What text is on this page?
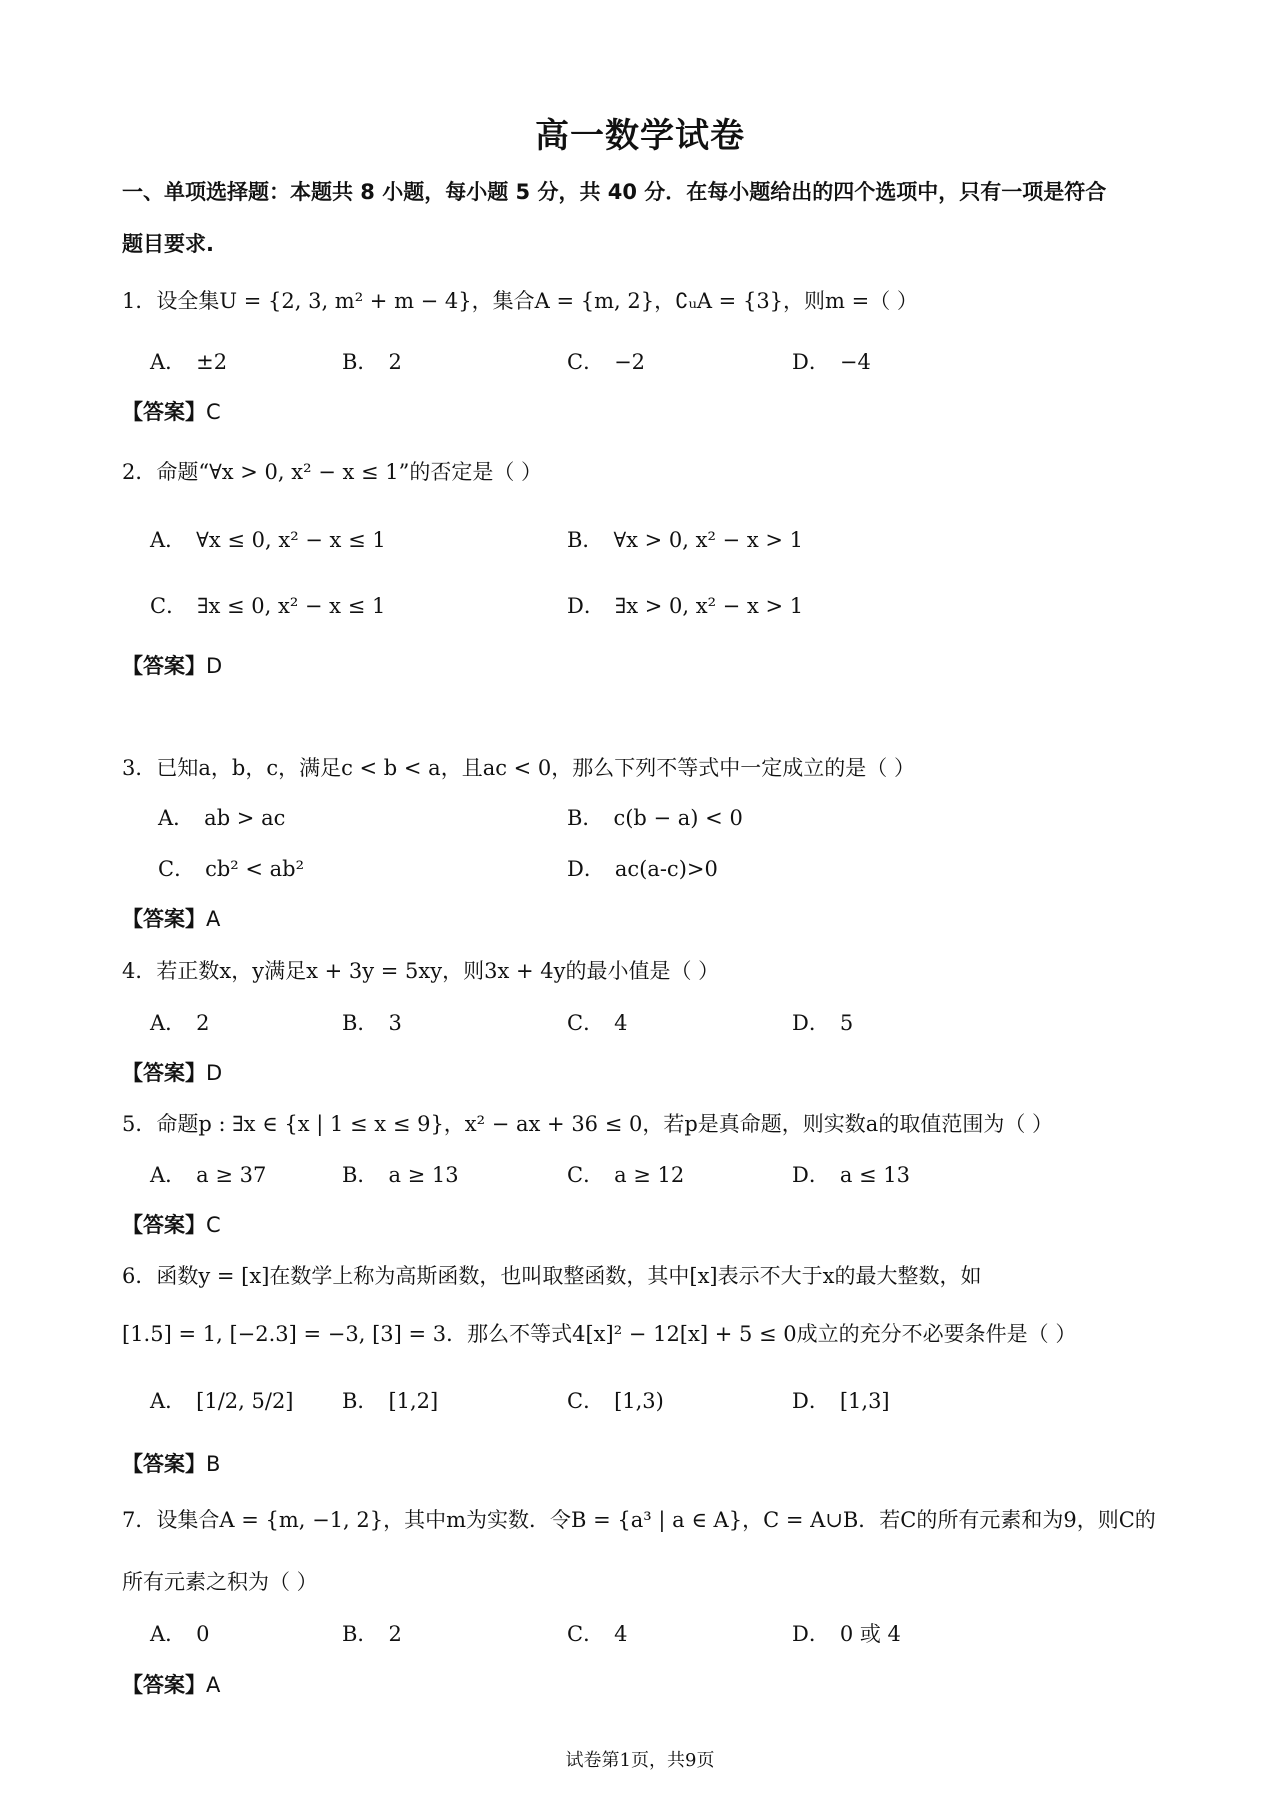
高一数学试卷
一、单项选择题：本题共 8 小题，每小题 5 分，共 40 分．在每小题给出的四个选项中，只有一项是符合
题目要求.
1．设全集U = {2, 3, m² + m − 4}，集合A = {m, 2}，∁ᵤA = {3}，则m =（ ）
A． ±2	B． 2	C． −2	D． −4
【答案】C
2．命题“∀x > 0, x² − x ≤ 1”的否定是（ ）
A． ∀x ≤ 0, x² − x ≤ 1	B． ∀x > 0, x² − x > 1
C． ∃x ≤ 0, x² − x ≤ 1	D． ∃x > 0, x² − x > 1
【答案】D
3．已知a，b，c，满足c < b < a，且ac < 0，那么下列不等式中一定成立的是（ ）
A． ab > ac	B． c(b − a) < 0
C． cb² < ab²	D． ac(a-c)>0
【答案】A
4．若正数x，y满足x + 3y = 5xy，则3x + 4y的最小值是（ ）
A． 2	B． 3	C． 4	D． 5
【答案】D
5．命题p : ∃x ∈ {x | 1 ≤ x ≤ 9}，x² − ax + 36 ≤ 0，若p是真命题，则实数a的取值范围为（ ）
A． a ≥ 37	B． a ≥ 13	C． a ≥ 12	D． a ≤ 13
【答案】C
6．函数y = [x]在数学上称为高斯函数，也叫取整函数，其中[x]表示不大于x的最大整数，如
[1.5] = 1, [−2.3] = −3, [3] = 3．那么不等式4[x]² − 12[x] + 5 ≤ 0成立的充分不必要条件是（ ）
A． [1/2, 5/2] B． [1,2]	C． [1,3)	D． [1,3]
【答案】B
7．设集合A = {m, −1, 2}，其中m为实数．令B = {a³ | a ∈ A}，C = A∪B．若C的所有元素和为9，则C的
所有元素之积为（ ）
A． 0	B． 2	C． 4	D． 0 或 4
【答案】A
试卷第1页，共9页
